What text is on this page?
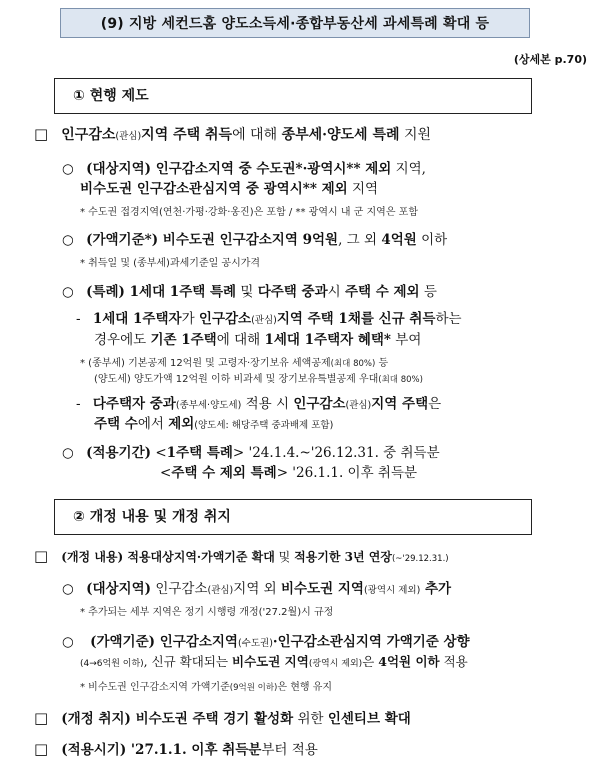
(9) 지방 세컨드홈 양도소득세·종합부동산세 과세특례 확대 등
(상세본 p.70)
① 현행 제도
□ 인구감소(관심)지역 주택 취득에 대해 종부세·양도세 특례 지원
○ (대상지역) 인구감소지역 중 수도권*·광역시** 제외 지역,
비수도권 인구감소관심지역 중 광역시** 제외 지역
* 수도권 접경지역(연천·가평·강화·옹진)은 포함 / ** 광역시 내 군 지역은 포함
○ (가액기준*) 비수도권 인구감소지역 9억원, 그 외 4억원 이하
* 취득일 및 (종부세)과세기준일 공시가격
○ (특례) 1세대 1주택 특례 및 다주택 중과시 주택 수 제외 등
- 1세대 1주택자가 인구감소(관심)지역 주택 1채를 신규 취득하는
경우에도 기존 1주택에 대해 1세대 1주택자 혜택* 부여
* (종부세) 기본공제 12억원 및 고령자·장기보유 세액공제(최대 80%) 등
(양도세) 양도가액 12억원 이하 비과세 및 장기보유특별공제 우대(최대 80%)
- 다주택자 중과(종부세·양도세) 적용 시 인구감소(관심)지역 주택은
주택 수에서 제외(양도세: 해당주택 중과배제 포함)
○ (적용기간) <1주택 특례> '24.1.4.~'26.12.31. 중 취득분
<주택 수 제외 특례> '26.1.1. 이후 취득분
② 개정 내용 및 개정 취지
□ (개정 내용) 적용대상지역·가액기준 확대 및 적용기한 3년 연장(~'29.12.31.)
○ (대상지역) 인구감소(관심)지역 외 비수도권 지역(광역시 제외) 추가
* 추가되는 세부 지역은 정기 시행령 개정('27.2월)시 규정
○ (가액기준) 인구감소지역(수도권)·인구감소관심지역 가액기준 상향
(4→6억원 이하), 신규 확대되는 비수도권 지역(광역시 제외)은 4억원 이하 적용
* 비수도권 인구감소지역 가액기준(9억원 이하)은 현행 유지
□ (개정 취지) 비수도권 주택 경기 활성화 위한 인센티브 확대
□ (적용시기) '27.1.1. 이후 취득분부터 적용
